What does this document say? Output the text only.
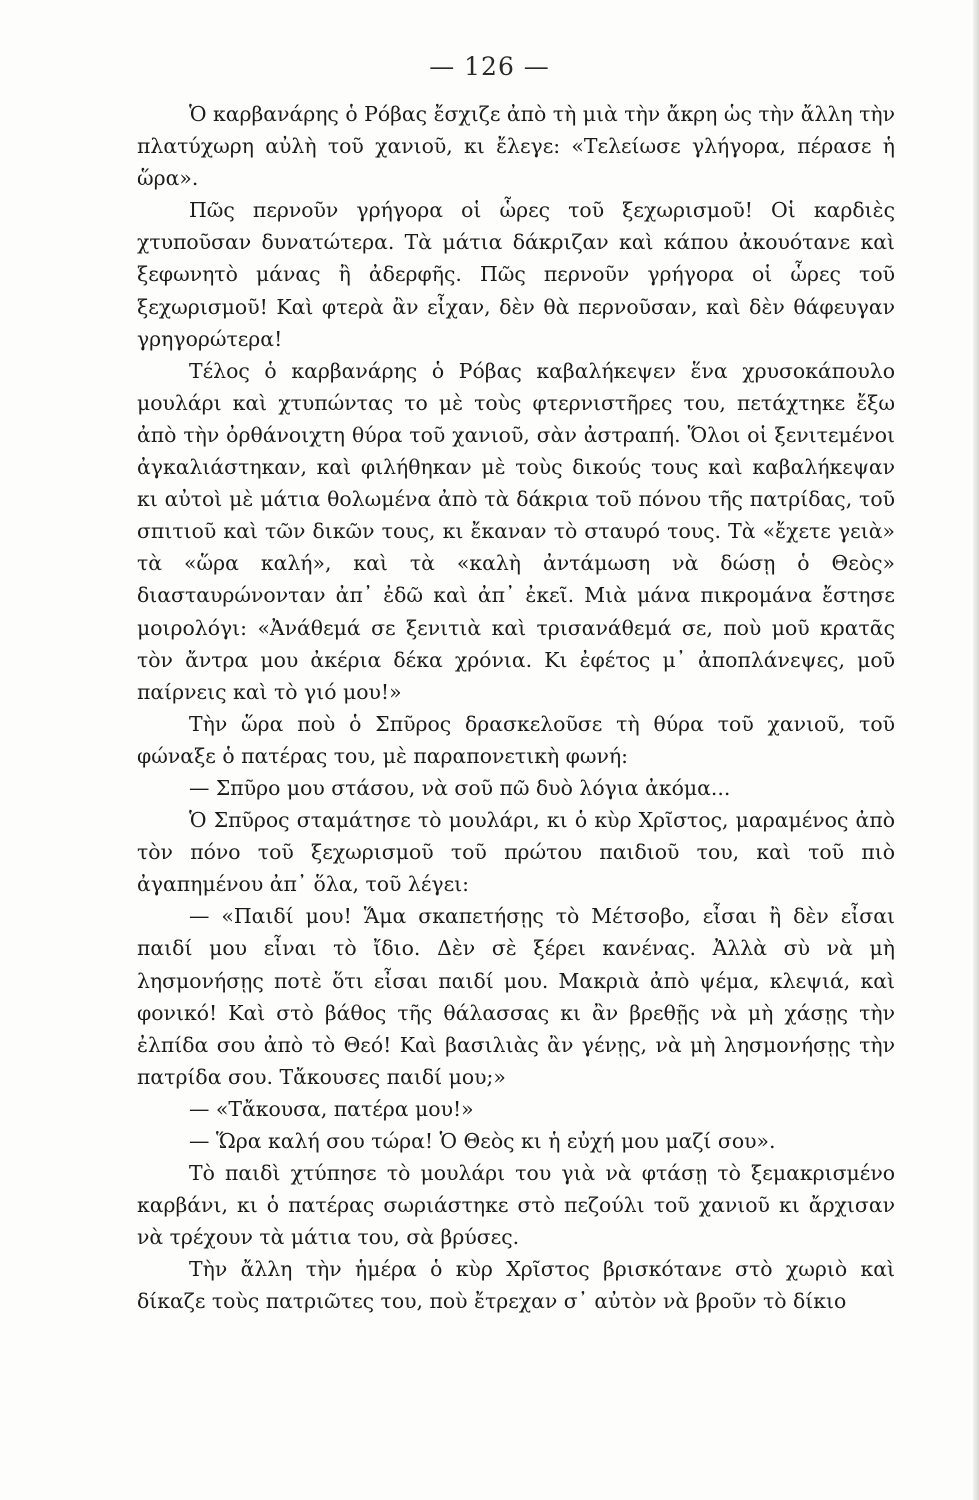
— 126 —

Ὁ καρβανάρης ὁ Ρόβας ἔσχιζε ἀπὸ τὴ μιὰ τὴν ἄκρη ὡς τὴν ἄλλη τὴν πλατύχωρη αὐλὴ τοῦ χανιοῦ, κι ἔλεγε: «Τελείωσε γλήγορα, πέρασε ἡ ὥρα».

Πῶς περνοῦν γρήγορα οἱ ὧρες τοῦ ξεχωρισμοῦ! Οἱ καρδιὲς χτυποῦσαν δυνατώτερα. Τὰ μάτια δάκριζαν καὶ κάπου ἀκουότανε καὶ ξεφωνητὸ μάνας ἢ ἀδερφῆς. Πῶς περνοῦν γρήγορα οἱ ὧρες τοῦ ξεχωρισμοῦ! Καὶ φτερὰ ἂν εἶχαν, δὲν θὰ περνοῦσαν, καὶ δὲν θάφευγαν γρηγορώτερα!

Τέλος ὁ καρβανάρης ὁ Ρόβας καβαλήκεψεν ἕνα χρυσοκάπουλο μουλάρι καὶ χτυπώντας το μὲ τοὺς φτερνιστῆρες του, πετάχτηκε ἔξω ἀπὸ τὴν ὀρθάνοιχτη θύρα τοῦ χανιοῦ, σὰν ἀστραπή. Ὅλοι οἱ ξενιτεμένοι ἀγκαλιάστηκαν, καὶ φιλήθηκαν μὲ τοὺς δικούς τους καὶ καβαλήκεψαν κι αὐτοὶ μὲ μάτια θολωμένα ἀπὸ τὰ δάκρια τοῦ πόνου τῆς πατρίδας, τοῦ σπιτιοῦ καὶ τῶν δικῶν τους, κι ἔκαναν τὸ σταυρό τους. Τὰ «ἔχετε γειὰ» τὰ «ὥρα καλή», καὶ τὰ «καλὴ ἀντάμωση νὰ δώσῃ ὁ Θεὸς» διασταυρώνονταν ἀπ᾽ ἐδῶ καὶ ἀπ᾽ ἐκεῖ. Μιὰ μάνα πικρομάνα ἔστησε μοιρολόγι: «Ἀνάθεμά σε ξενιτιὰ καὶ τρισανάθεμά σε, ποὺ μοῦ κρατᾶς τὸν ἄντρα μου ἀκέρια δέκα χρόνια. Κι ἐφέτος μ᾽ ἀποπλάνεψες, μοῦ παίρνεις καὶ τὸ γιό μου!»

Τὴν ὥρα ποὺ ὁ Σπῦρος δρασκελοῦσε τὴ θύρα τοῦ χανιοῦ, τοῦ φώναξε ὁ πατέρας του, μὲ παραπονετικὴ φωνή:

— Σπῦρο μου στάσου, νὰ σοῦ πῶ δυὸ λόγια ἀκόμα...

Ὁ Σπῦρος σταμάτησε τὸ μουλάρι, κι ὁ κὺρ Χρῖστος, μαραμένος ἀπὸ τὸν πόνο τοῦ ξεχωρισμοῦ τοῦ πρώτου παιδιοῦ του, καὶ τοῦ πιὸ ἀγαπημένου ἀπ᾽ ὅλα, τοῦ λέγει:

— «Παιδί μου! Ἅμα σκαπετήσῃς τὸ Μέτσοβο, εἶσαι ἢ δὲν εἶσαι παιδί μου εἶναι τὸ ἴδιο. Δὲν σὲ ξέρει κανένας. Ἀλλὰ σὺ νὰ μὴ λησμονήσῃς ποτὲ ὅτι εἶσαι παιδί μου. Μακριὰ ἀπὸ ψέμα, κλεψιά, καὶ φονικό! Καὶ στὸ βάθος τῆς θάλασσας κι ἂν βρεθῇς νὰ μὴ χάσῃς τὴν ἐλπίδα σου ἀπὸ τὸ Θεό! Καὶ βασιλιὰς ἂν γένῃς, νὰ μὴ λησμονήσῃς τὴν πατρίδα σου. Τἄκουσες παιδί μου;»

— «Τἄκουσα, πατέρα μου!»

— Ὥρα καλή σου τώρα! Ὁ Θεὸς κι ἡ εὐχή μου μαζί σου».

Τὸ παιδὶ χτύπησε τὸ μουλάρι του γιὰ νὰ φτάσῃ τὸ ξεμακρισμένο καρβάνι, κι ὁ πατέρας σωριάστηκε στὸ πεζούλι τοῦ χανιοῦ κι ἄρχισαν νὰ τρέχουν τὰ μάτια του, σὰ βρύσες.

Τὴν ἄλλη τὴν ἡμέρα ὁ κὺρ Χρῖστος βρισκότανε στὸ χωριὸ καὶ δίκαζε τοὺς πατριῶτες του, ποὺ ἔτρεχαν σ᾽ αὐτὸν νὰ βροῦν τὸ δίκιο
